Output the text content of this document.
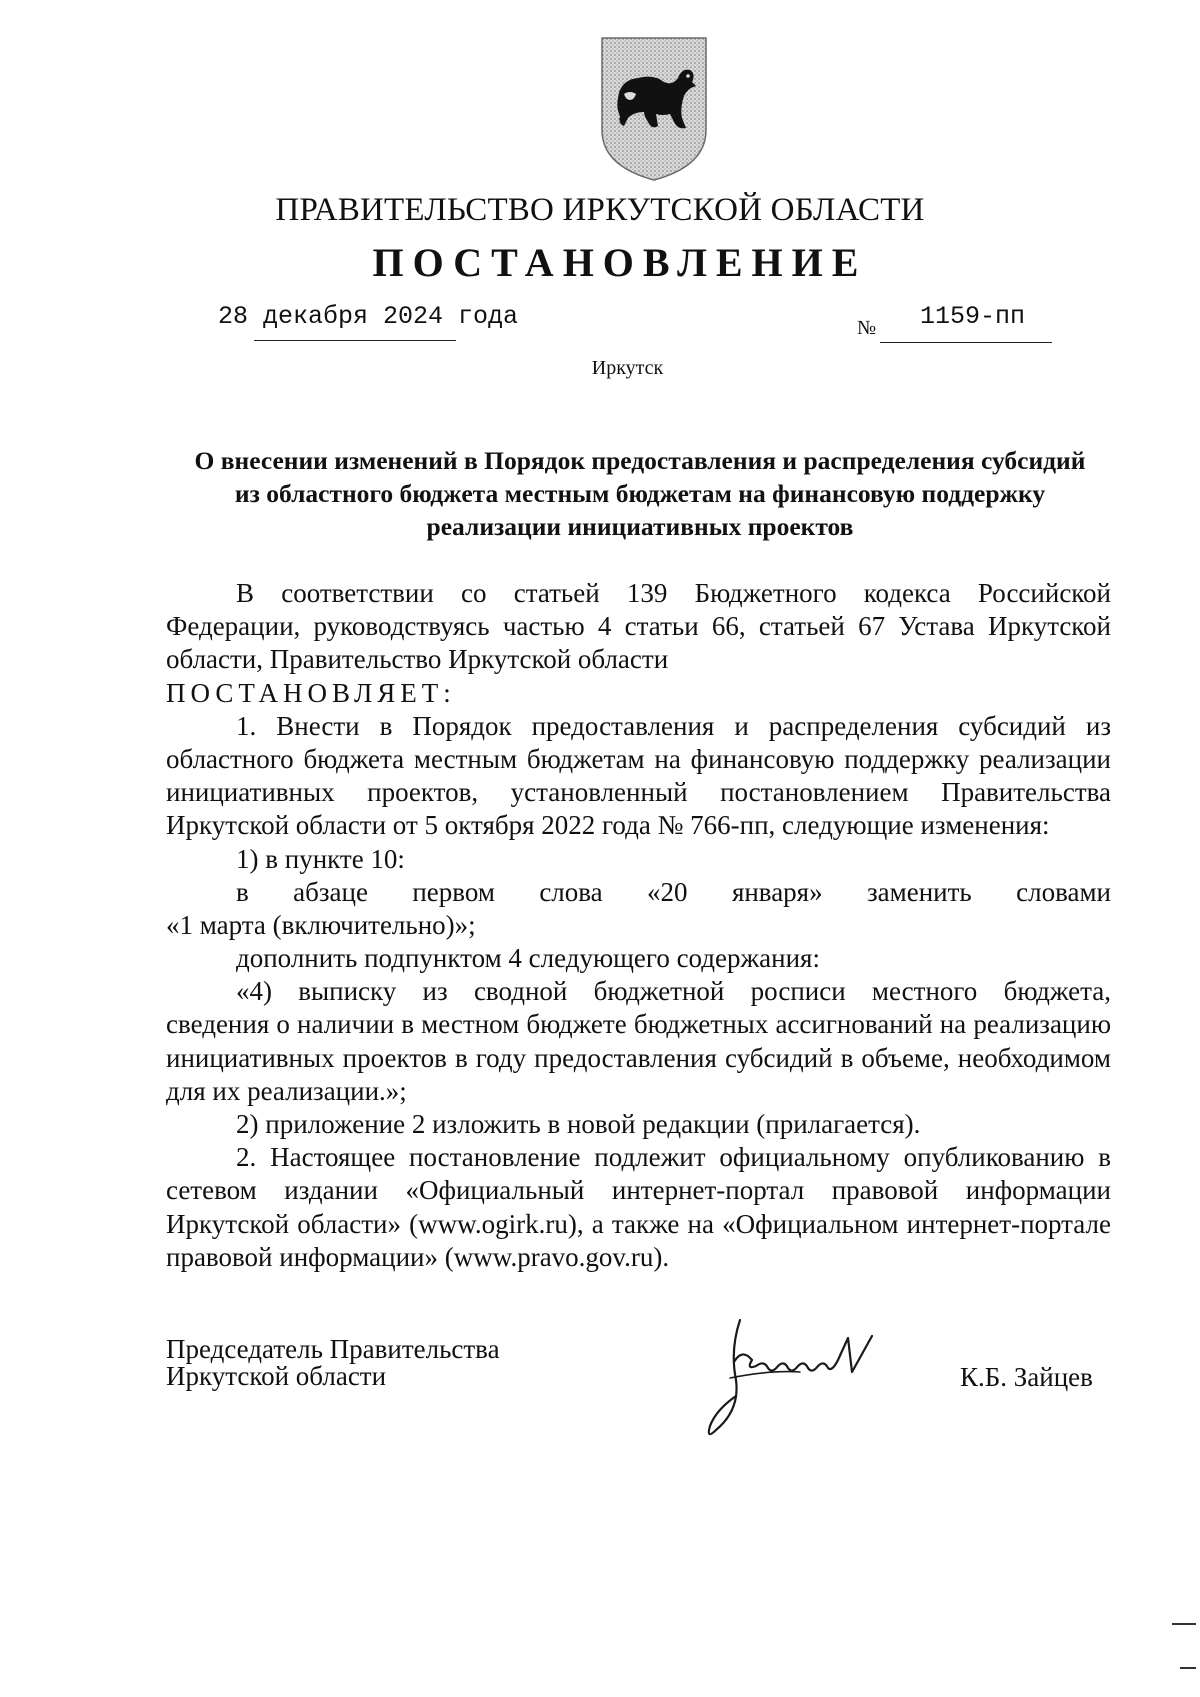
ПРАВИТЕЛЬСТВО ИРКУТСКОЙ ОБЛАСТИ
ПОСТАНОВЛЕНИЕ
28 декабря 2024 года	№ 1159-пп
Иркутск
О внесении изменений в Порядок предоставления и распределения субсидий
из областного бюджета местным бюджетам на финансовую поддержку
реализации инициативных проектов
В соответствии со статьей 139 Бюджетного кодекса Российской
Федерации, руководствуясь частью 4 статьи 66, статьей 67 Устава Иркутской
области, Правительство Иркутской области
ПОСТАНОВЛЯЕТ:
1. Внести в Порядок предоставления и распределения субсидий из
областного бюджета местным бюджетам на финансовую поддержку реализации
инициативных проектов, установленный постановлением Правительства
Иркутской области от 5 октября 2022 года № 766-пп, следующие изменения:
1) в пункте 10:
в абзаце первом слова «20 января» заменить словами
«1 марта (включительно)»;
дополнить подпунктом 4 следующего содержания:
«4) выписку из сводной бюджетной росписи местного бюджета,
сведения о наличии в местном бюджете бюджетных ассигнований на реализацию
инициативных проектов в году предоставления субсидий в объеме, необходимом
для их реализации.»;
2) приложение 2 изложить в новой редакции (прилагается).
2. Настоящее постановление подлежит официальному опубликованию в
сетевом издании «Официальный интернет-портал правовой информации
Иркутской области» (www.ogirk.ru), а также на «Официальном интернет-портале
правовой информации» (www.pravo.gov.ru).
Председатель Правительства
Иркутской области	К.Б. Зайцев
